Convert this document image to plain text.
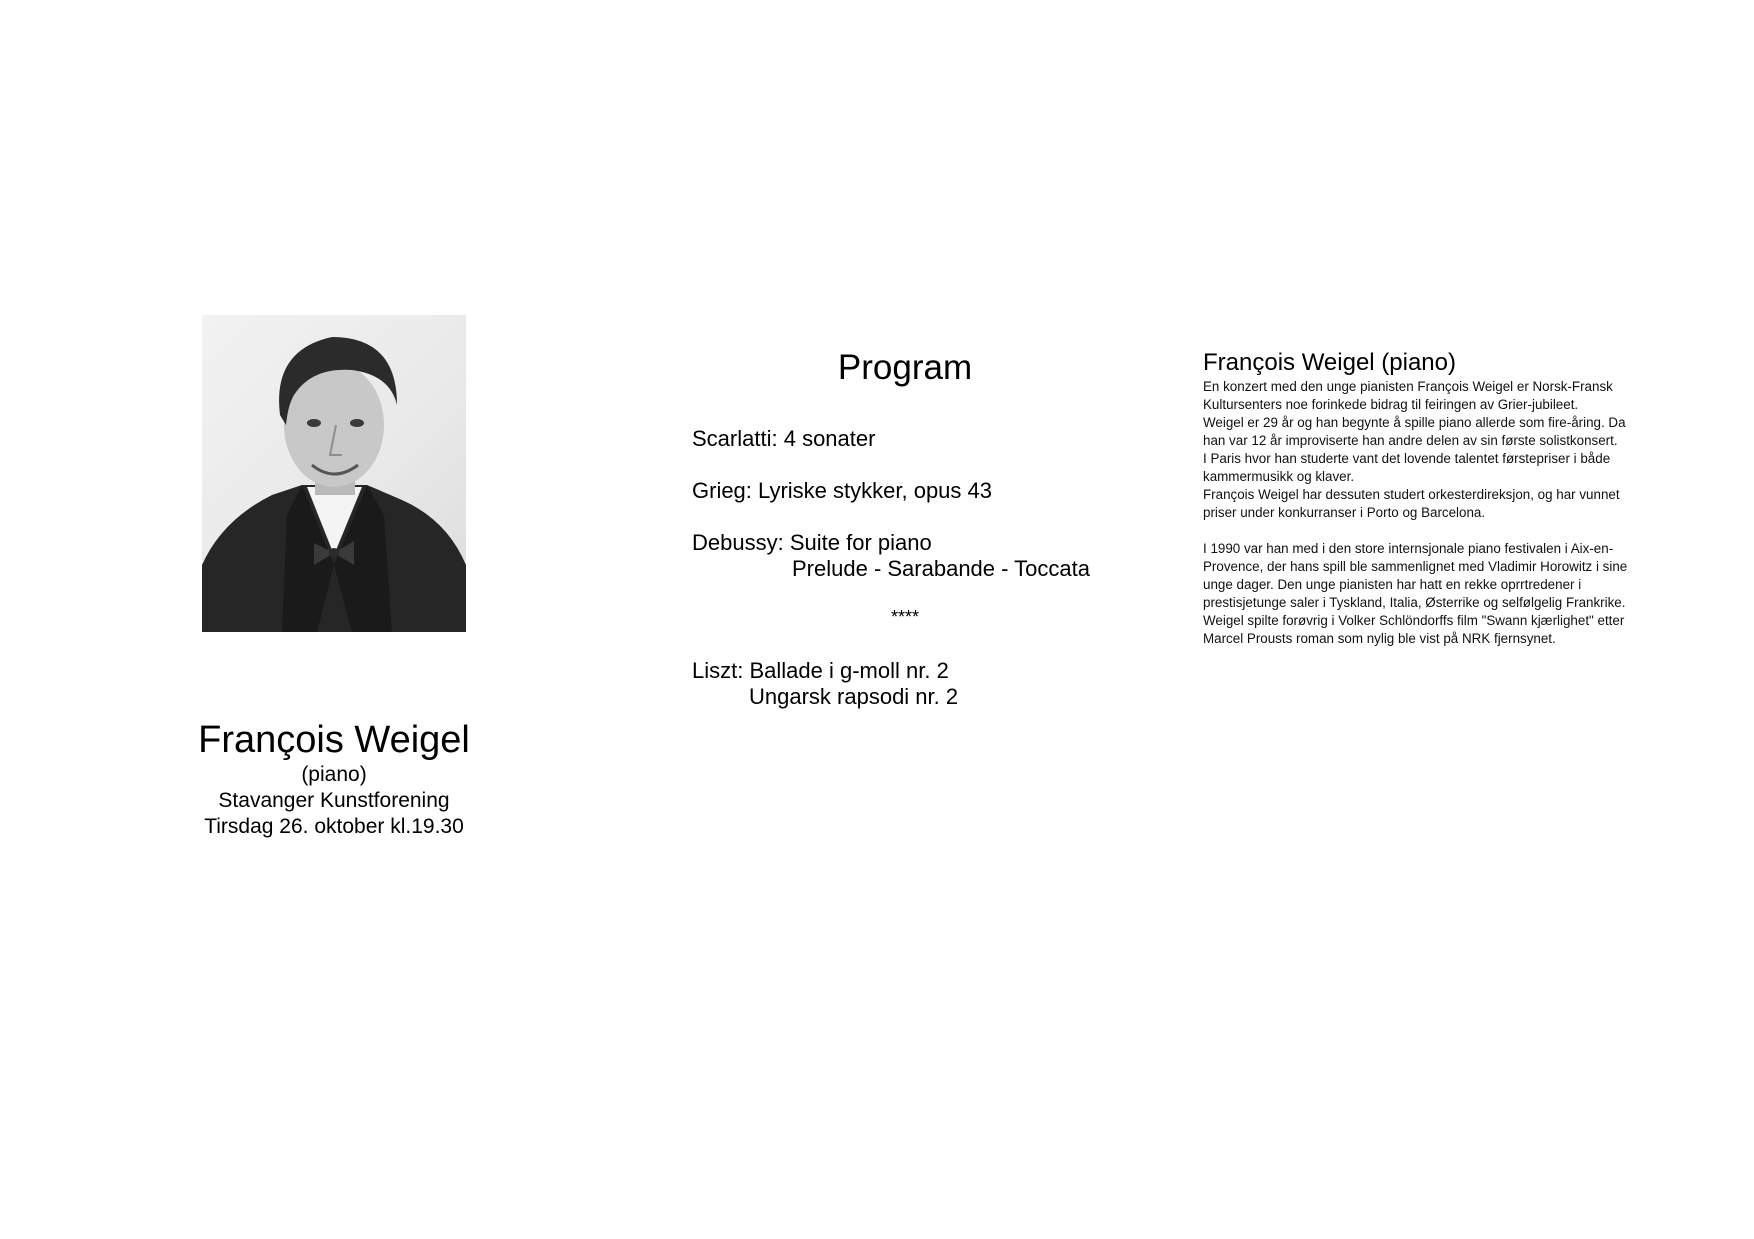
François Weigel
(piano)
Stavanger Kunstforening
Tirsdag 26. oktober kl.19.30
Program
Scarlatti: 4 sonater
Grieg: Lyriske stykker, opus 43
Debussy: Suite for piano
Prelude - Sarabande - Toccata
****
Liszt: Ballade i g-moll nr. 2
Ungarsk rapsodi nr. 2
François Weigel (piano)

En konzert med den unge pianisten François Weigel er Norsk-Fransk

Kultursenters noe forinkede bidrag til feiringen av Grier-jubileet.

Weigel er 29 år og han begynte å spille piano allerde som fire-åring. Da

han var 12 år improviserte han andre delen av sin første solistkonsert.

I Paris hvor han studerte vant det lovende talentet førstepriser i både

kammermusikk og klaver.

François Weigel har dessuten studert orkesterdireksjon, og har vunnet

priser under konkurranser i Porto og Barcelona.

I 1990 var han med i den store internsjonale piano festivalen i Aix-en-

Provence, der hans spill ble sammenlignet med Vladimir Horowitz i sine

unge dager. Den unge pianisten har hatt en rekke oprrtredener i

prestisjetunge saler i Tyskland, Italia, Østerrike og selfølgelig Frankrike.

Weigel spilte forøvrig i Volker Schlöndorffs film "Swann kjærlighet" etter

Marcel Prousts roman som nylig ble vist på NRK fjernsynet.
